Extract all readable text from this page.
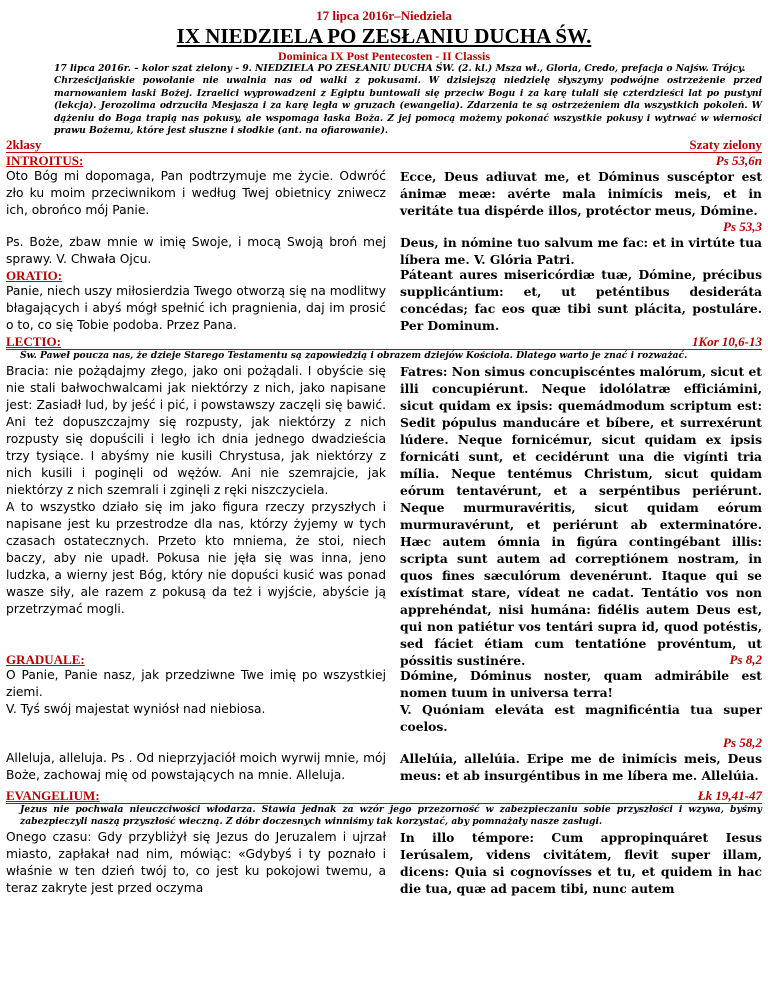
17 lipca 2016r–Niedziela
IX NIEDZIELA PO ZESŁANIU DUCHA ŚW.
Dominica IX Post Pentecosten - II Classis

17 lipca 2016r. – kolor szat zielony - 9. NIEDZIELA PO ZESŁANIU DUCHA ŚW. (2. kl.) Msza wł., Gloria, Credo, prefacja o Najśw. Trójcy.

Chrześcijańskie powołanie nie uwalnia nas od walki z pokusami. W dzisiejszą niedzielę słyszymy podwójne ostrzeżenie przed marnowaniem łaski Bożej. Izraelici wyprowadzeni z Egiptu buntowali się przeciw Bogu i za karę tułali się czterdzieści lat po pustyni (lekcja). Jerozolima odrzuciła Mesjasza i za karę legła w gruzach (ewangelia). Zdarzenia te są ostrzeżeniem dla wszystkich pokoleń. W dążeniu do Boga trapią nas pokusy, ale wspomaga łaska Boża. Z jej pomocą możemy pokonać wszystkie pokusy i wytrwać w wierności prawu Bożemu, które jest słuszne i słodkie (ant. na ofiarowanie).

2klasy	Szaty zielony
INTROITUS:	Ps 53,6n
Oto Bóg mi dopomaga, Pan podtrzymuje me życie. Odwróć zło ku moim przeciwnikom i według Twej obietnicy zniwecz ich, obrońco mój Panie.
Ecce, Deus adiuvat me, et Dóminus suscéptor est ánimæ meæ: avérte mala inimícis meis, et in veritáte tua dispérde illos, protéctor meus, Dómine.
Ps 53,3
Ps. Boże, zbaw mnie w imię Swoje, i mocą Swoją broń mej sprawy. V. Chwała Ojcu.
Deus, in nómine tuo salvum me fac: et in virtúte tua líbera me. V. Glória Patri.
ORATIO:
Panie, niech uszy miłosierdzia Twego otworzą się na modlitwy błagających i abyś mógł spełnić ich pragnienia, daj im prosić o to, co się Tobie podoba. Przez Pana.
Páteant aures misericórdiæ tuæ, Dómine, précibus supplicántium: et, ut peténtibus desideráta concédas; fac eos quæ tibi sunt plácita, postuláre. Per Dominum.
LECTIO:	1Kor 10,6-13

Św. Paweł poucza nas, że dzieje Starego Testamentu są zapowiedzią i obrazem dziejów Kościoła. Dlatego warto je znać i rozważać.

Bracia: nie pożądajmy złego, jako oni pożądali. I obyście się nie stali bałwochwalcami jak niektórzy z nich, jako napisane jest: Zasiadł lud, by jeść i pić, i powstawszy zaczęli się bawić. Ani też dopuszczajmy się rozpusty, jak niektórzy z nich rozpusty się dopuścili i legło ich dnia jednego dwadzieścia trzy tysiące. I abyśmy nie kusili Chrystusa, jak niektórzy z nich kusili i poginęli od wężów. Ani nie szemrajcie, jak niektórzy z nich szemrali i zginęli z ręki niszczyciela.

A to wszystko działo się im jako figura rzeczy przyszłych i napisane jest ku przestrodze dla nas, którzy żyjemy w tych czasach ostatecznych. Przeto kto mniema, że stoi, niech baczy, aby nie upadł. Pokusa nie jęła się was inna, jeno ludzka, a wierny jest Bóg, który nie dopuści kusić was ponad wasze siły, ale razem z pokusą da też i wyjście, abyście ją przetrzymać mogli.

Fatres: Non simus concupiscéntes malórum, sicut et illi concupiérunt. Neque idolólatræ efficiámini, sicut quidam ex ipsis: quemádmodum scriptum est: Sedit pópulus manducáre et bíbere, et surrexérunt lúdere. Neque fornicémur, sicut quidam ex ipsis fornicáti sunt, et cecidérunt una die vigínti tria mília. Neque tentémus Christum, sicut quidam eórum tentavérunt, et a serpéntibus periérunt. Neque murmuravéritis, sicut quidam eórum murmuravérunt, et periérunt ab exterminatóre. Hæc autem ómnia in figúra contingébant illis: scripta sunt autem ad correptiónem nostram, in quos fines sæculórum devenérunt. Itaque qui se exístimat stare, vídeat ne cadat. Tentátio vos non apprehéndat, nisi humána: fidélis autem Deus est, qui non patiétur vos tentári supra id, quod potéstis, sed fáciet étiam cum tentatióne provéntum, ut póssitis sustinére.
GRADUALE:	Ps 8,2

O Panie, Panie nasz, jak przedziwne Twe imię po wszystkiej ziemi.

V. Tyś swój majestat wyniósł nad niebiosa.

Dómine, Dóminus noster, quam admirábile est nomen tuum in universa terra!

V. Quóniam eleváta est magnificéntia tua super coelos.

Ps 58,2
Alleluja, alleluja. Ps . Od nieprzyjaciół moich wyrwij mnie, mój Boże, zachowaj mię od powstających na mnie. Alleluja.
Allelúia, allelúia. Eripe me de inimícis meis, Deus meus: et ab insurgéntibus in me líbera me. Allelúia.
EVANGELIUM:	Łk 19,41-47

Jezus nie pochwala nieuczciwości włodarza. Stawia jednak za wzór jego przezorność w zabezpieczaniu sobie przyszłości i wzywa, byśmy zabezpieczyli naszą przyszłość wieczną. Z dóbr doczesnych winniśmy tak korzystać, aby pomnażały nasze zasługi.

Onego czasu: Gdy przybliżył się Jezus do Jeruzalem i ujrzał miasto, zapłakał nad nim, mówiąc: «Gdybyś i ty poznało i właśnie w ten dzień twój to, co jest ku pokojowi twemu, a teraz zakryte jest przed oczyma
In illo témpore: Cum appropinquáret Iesus Ierúsalem, videns civitátem, flevit super illam, dicens: Quia si cognovísses et tu, et quidem in hac die tua, quæ ad pacem tibi, nunc autem
